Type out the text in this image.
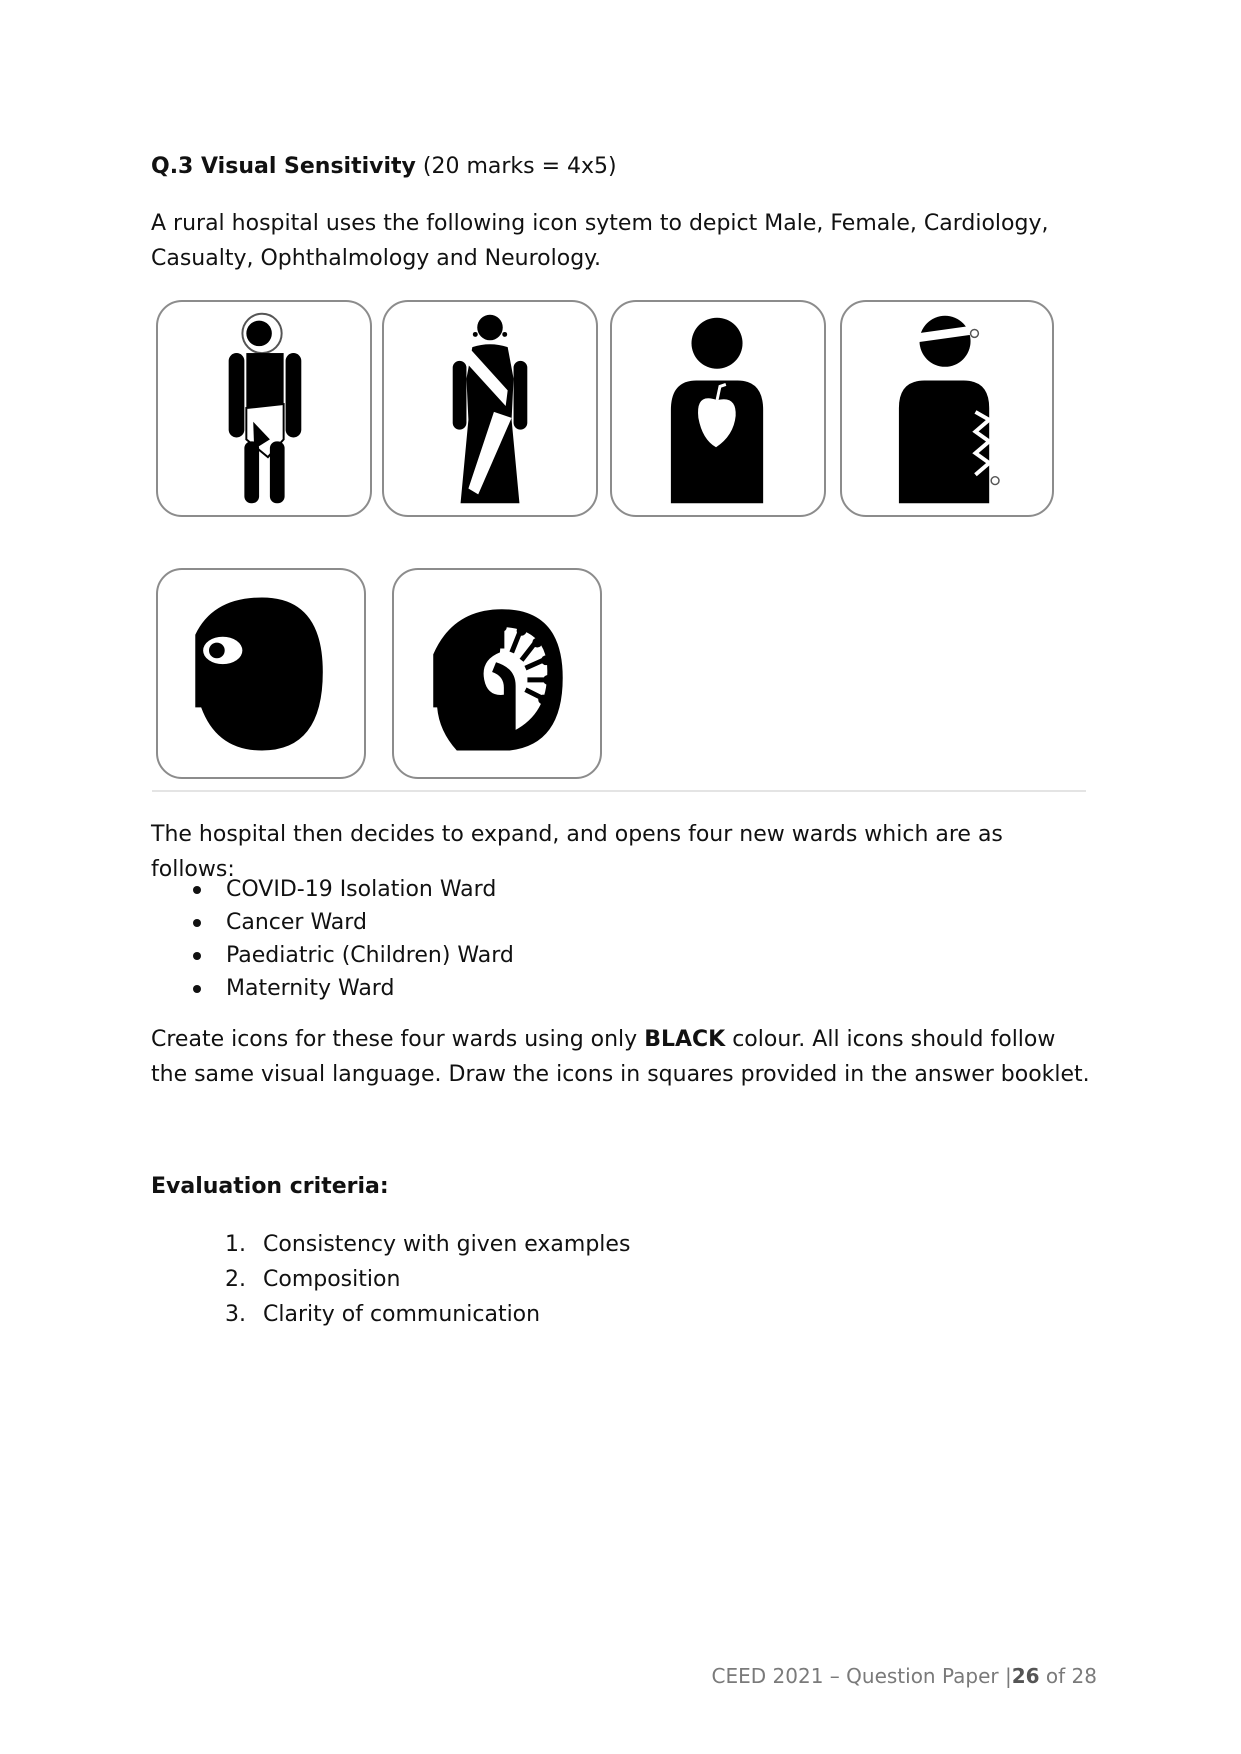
Q.3 Visual Sensitivity (20 marks = 4x5)
A rural hospital uses the following icon sytem to depict Male, Female, Cardiology, Casualty, Ophthalmology and Neurology.
The hospital then decides to expand, and opens four new wards which are as follows:
COVID-19 Isolation Ward
Cancer Ward
Paediatric (Children) Ward
Maternity Ward
Create icons for these four wards using only BLACK colour. All icons should follow the same visual language. Draw the icons in squares provided in the answer booklet.
Evaluation criteria:
1. Consistency with given examples
2. Composition
3. Clarity of communication
CEED 2021 – Question Paper |26 of 28
